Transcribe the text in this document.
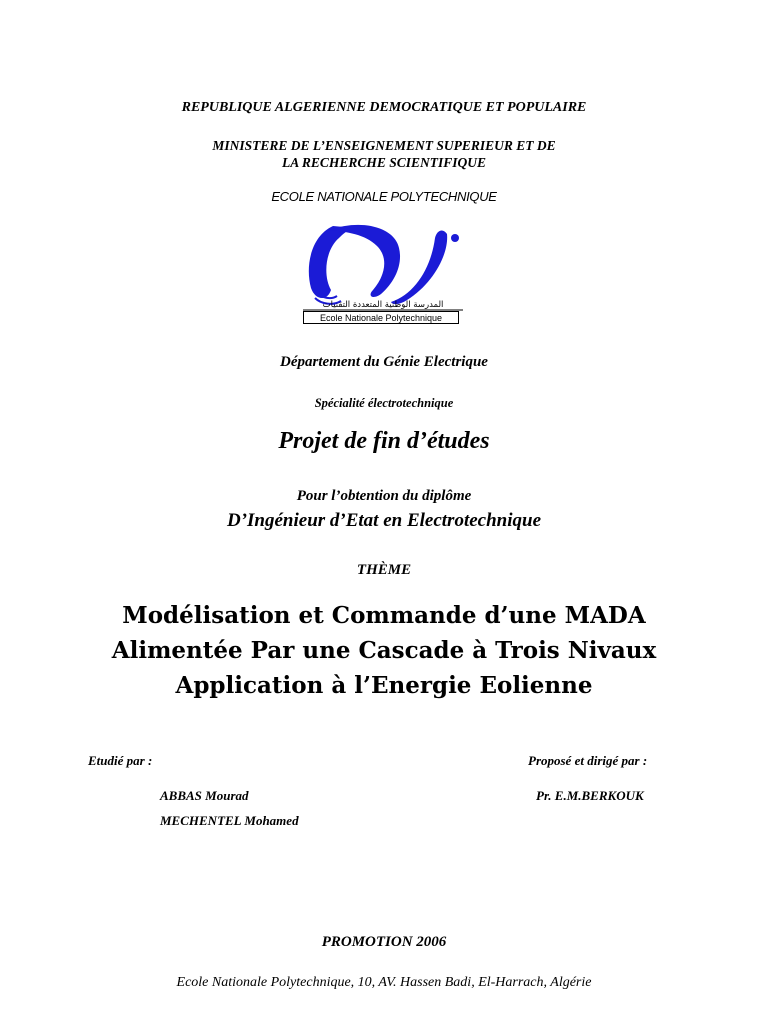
REPUBLIQUE ALGERIENNE DEMOCRATIQUE ET POPULAIRE
MINISTERE DE L’ENSEIGNEMENT SUPERIEUR ET DE
LA RECHERCHE SCIENTIFIQUE
ECOLE NATIONALE POLYTECHNIQUE
المدرسة الوطنية المتعددة التقنيات
Ecole Nationale Polytechnique
Département du Génie Electrique
Spécialité électrotechnique
Projet de fin d’études
Pour l’obtention du diplôme
D’Ingénieur d’Etat en Electrotechnique
THÈME
Modélisation et Commande d’une MADA
Alimentée Par une Cascade à Trois Nivaux
Application à l’Energie Eolienne
Etudié par :	Proposé et dirigé par :
ABBAS Mourad	Pr. E.M.BERKOUK
MECHENTEL Mohamed
PROMOTION 2006
Ecole Nationale Polytechnique, 10, AV. Hassen Badi, El-Harrach, Algérie
